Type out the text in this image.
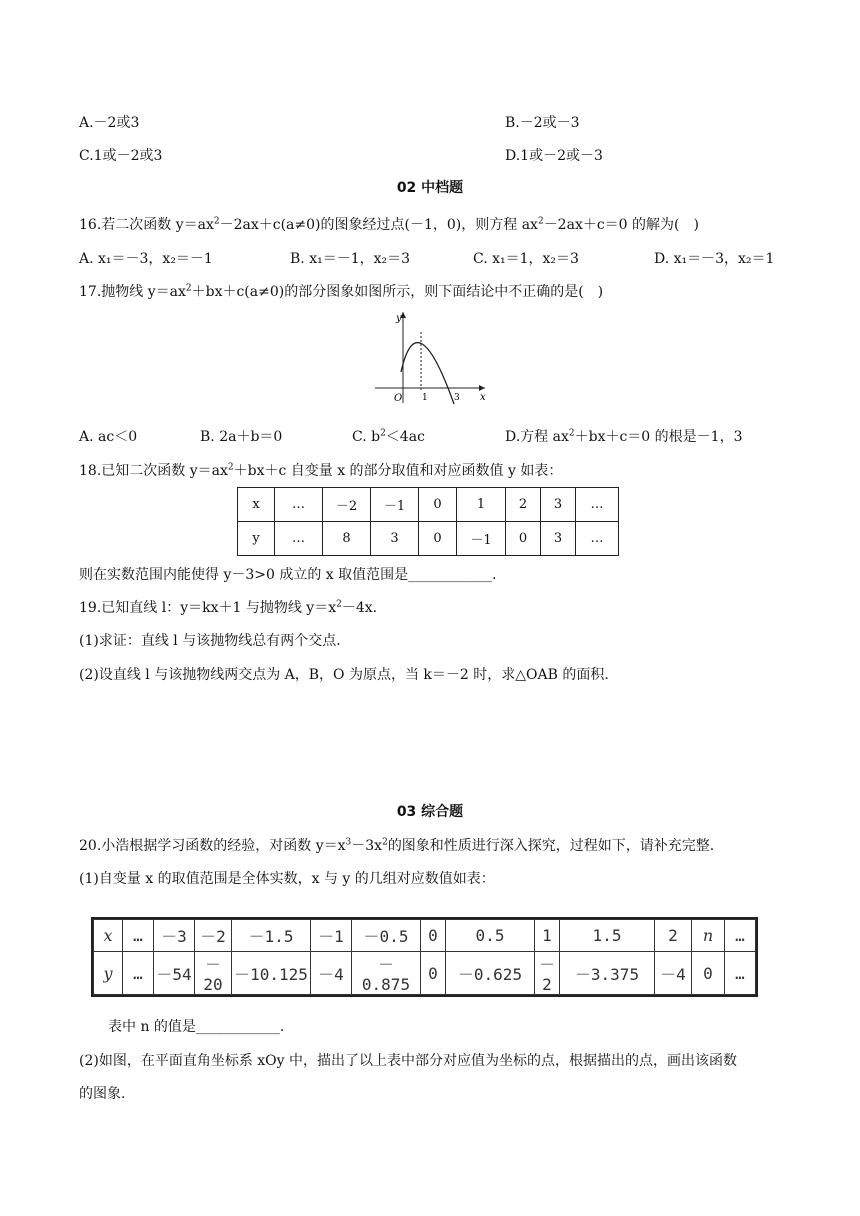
A.－2或3	B.－2或－3
C.1或－2或3	D.1或－2或－3
02 中档题
16.若二次函数 $y=ax^2-2ax+c(a\ne 0)$的图象经过点(－1，0)，则方程 $ax^2-2ax+c=0$ 的解为(　)
A. x₁＝－3，x₂＝－1	B. x₁＝－1，x₂＝3	C. x₁＝1，x₂＝3	D. x₁＝－3，x₂＝1
17.抛物线 $y=ax^2+bx+c(a\ne 0)$的部分图象如图所示，则下面结论中不正确的是(　)
y
x
O 1	3
A. ac＜0	B. 2a＋b＝0	C. $b^2<4ac$	D.方程 $ax^2+bx+c=0$ 的根是－1，3
18.已知二次函数 $y=ax^2+bx+c$ 自变量 x 的部分取值和对应函数值 y 如表：
x	…	－2	－1	0	1	2	3	…
y	…	8	3	0	－1	0	3	…
则在实数范围内能使得 y－3>0 成立的 x 取值范围是____________.
19.已知直线 l：y＝kx＋1 与抛物线 $y=x^2-4x$.
(1)求证：直线 l 与该抛物线总有两个交点.
(2)设直线 l 与该抛物线两交点为 A，B，O 为原点，当 k＝－2 时，求△OAB 的面积.
03 综合题
20.小浩根据学习函数的经验，对函数 $y=x^3-3x^2$的图象和性质进行深入探究，过程如下，请补充完整.
(1)自变量 x 的取值范围是全体实数，x 与 y 的几组对应数值如表：
x	…	－3	－2	－1.5	－1	－0.5	0	0.5	1	1.5	2	n	…
y	…	－54	－20	－10.125	－4	－0.875	0	－0.625	－2	－3.375	－4	0	…
表中 n 的值是____________.
(2)如图，在平面直角坐标系 xOy 中，描出了以上表中部分对应值为坐标的点，根据描出的点，画出该函数
的图象.
